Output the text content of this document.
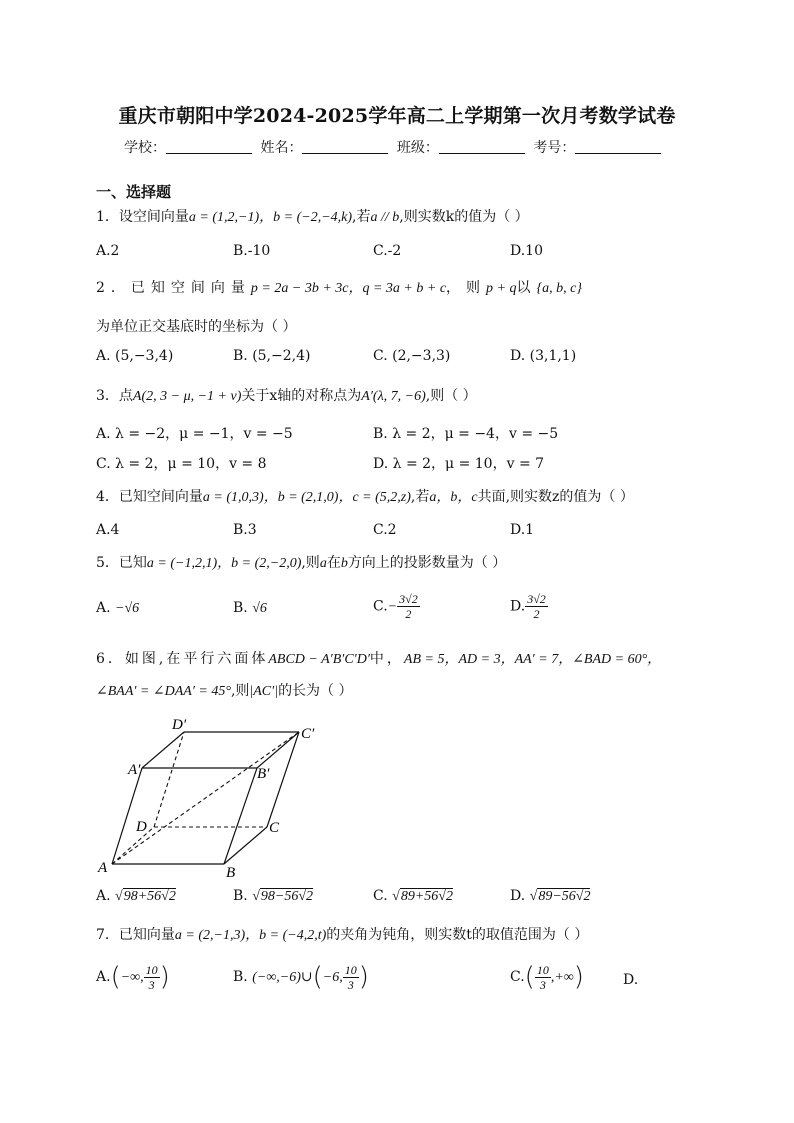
重庆市朝阳中学2024-2025学年高二上学期第一次月考数学试卷
学校：	姓名：	班级：	考号：
一、选择题
1．设空间向量a = (1,2,−1)，b = (−2,−4,k),若a // b,则实数k的值为（ ）
A.2	B.-10	C.-2	D.10
2．已知空间向量p = 2a − 3b + 3c，q = 3a + b + c，则p + q以{a, b, c}
为单位正交基底时的坐标为（ ）
A. (5,−3,4)	B. (5,−2,4)	C. (2,−3,3)	D. (3,1,1)
3．点A(2, 3 − μ, −1 + v)关于x轴的对称点为A′(λ, 7, −6),则（ ）
A. λ = −2，μ = −1，v = −5	B. λ = 2，μ = −4，v = −5
C. λ = 2，μ = 10，v = 8	D. λ = 2，μ = 10，v = 7
4．已知空间向量a = (1,0,3)，b = (2,1,0)，c = (5,2,z),若a，b，c共面,则实数z的值为（ ）
A.4	B.3	C.2	D.1
5．已知a = (−1,2,1)，b = (2,−2,0),则a在b方向上的投影数量为（ ）
A. −√6	B. √6	$C.- \frac{3√2}{2}$	D. $\frac{3√2}{2}$
6．如图,在平行六面体ABCD − A′B′C′D′中，AB = 5，AD = 3，AA′ = 7，∠BAD = 60°，
∠BAA′ = ∠DAA′ = 45°,则|AC′|的长为（ ）
D′
C′
A′	B′
D	C
A	B
A. √98+56√2	B. √98−56√2	C. √89+56√2	D. √89−56√2
7．已知向量a = (2,−1,3)，b = (−4,2,t)的夹角为钝角，则实数t的取值范围为（ ）
A.(−∞, $\frac{10}{3}$ )	B. (−∞,−6)∪(−6, $\frac{10}{3}$ )	$C.( \frac{10}{3}$ ,+∞)	D.
